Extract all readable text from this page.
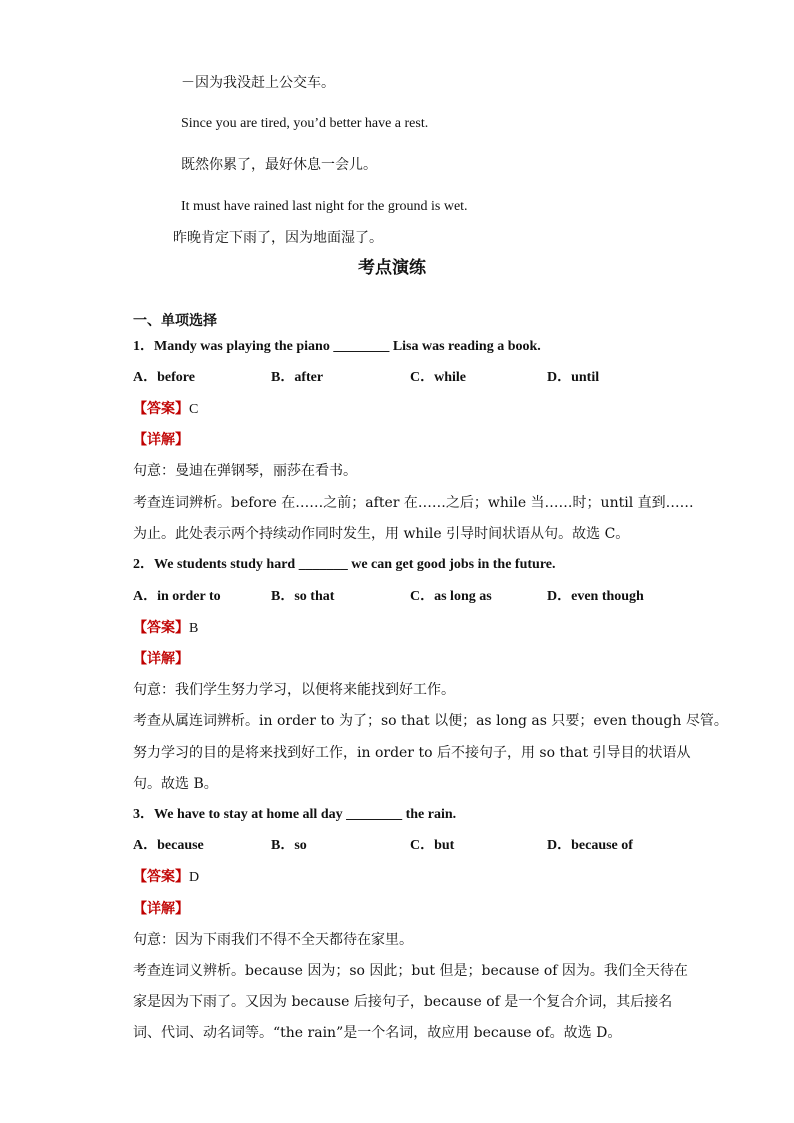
－因为我没赶上公交车。
Since you are tired, you’d better have a rest.
既然你累了，最好休息一会儿。
It must have rained last night for the ground is wet.
昨晚肯定下雨了，因为地面湿了。
考点演练
一、单项选择
1．Mandy was playing the piano ________ Lisa was reading a book.
A．before	B．after	C．while	D．until
【答案】C
【详解】
句意：曼迪在弹钢琴，丽莎在看书。
考查连词辨析。before 在……之前；after 在……之后；while 当……时；until 直到……
为止。此处表示两个持续动作同时发生，用 while 引导时间状语从句。故选 C。
2．We students study hard _______ we can get good jobs in the future.
A．in order to	B．so that	C．as long as	D．even though
【答案】B
【详解】
句意：我们学生努力学习，以便将来能找到好工作。
考查从属连词辨析。in order to 为了；so that 以便；as long as 只要；even though 尽管。
努力学习的目的是将来找到好工作，in order to 后不接句子，用 so that 引导目的状语从
句。故选 B。
3．We have to stay at home all day ________ the rain.
A．because	B．so	C．but	D．because of
【答案】D
【详解】
句意：因为下雨我们不得不全天都待在家里。
考查连词义辨析。because 因为；so 因此；but 但是；because of 因为。我们全天待在
家是因为下雨了。又因为 because 后接句子，because of 是一个复合介词，其后接名
词、代词、动名词等。“the rain”是一个名词，故应用 because of。故选 D。
